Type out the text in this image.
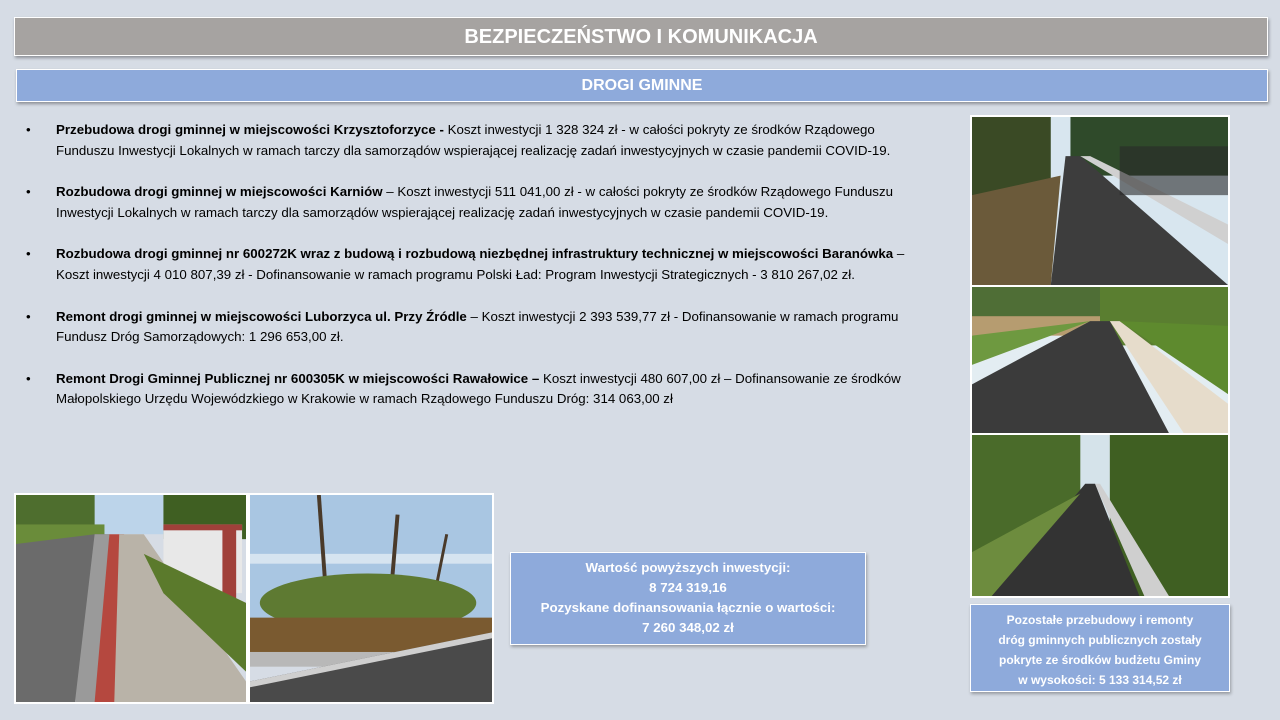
BEZPIECZEŃSTWO I KOMUNIKACJA
DROGI GMINNE
• Przebudowa drogi gminnej w miejscowości Krzysztoforzyce - Koszt inwestycji 1 328 324 zł - w całości pokryty ze środków Rządowego Funduszu Inwestycji Lokalnych w ramach tarczy dla samorządów wspierającej realizację zadań inwestycyjnych w czasie pandemii COVID-19.
• Rozbudowa drogi gminnej w miejscowości Karniów – Koszt inwestycji 511 041,00 zł - w całości pokryty ze środków Rządowego Funduszu Inwestycji Lokalnych w ramach tarczy dla samorządów wspierającej realizację zadań inwestycyjnych w czasie pandemii COVID-19.
• Rozbudowa drogi gminnej nr 600272K wraz z budową i rozbudową niezbędnej infrastruktury technicznej w miejscowości Baranówka – Koszt inwestycji 4 010 807,39 zł - Dofinansowanie w ramach programu Polski Ład: Program Inwestycji Strategicznych - 3 810 267,02 zł.
• Remont drogi gminnej w miejscowości Luborzyca ul. Przy Źródle – Koszt inwestycji 2 393 539,77 zł - Dofinansowanie w ramach programu Fundusz Dróg Samorządowych: 1 296 653,00 zł.
• Remont Drogi Gminnej Publicznej nr 600305K w miejscowości Rawałowice – Koszt inwestycji 480 607,00 zł – Dofinansowanie ze środków Małopolskiego Urzędu Wojewódzkiego w Krakowie w ramach Rządowego Funduszu Dróg: 314 063,00 zł
Wartość powyższych inwestycji:
8 724 319,16
Pozyskane dofinansowania łącznie o wartości:
7 260 348,02 zł	Pozostałe przebudowy i remonty
dróg gminnych publicznych zostały
pokryte ze środków budżetu Gminy
w wysokości: 5 133 314,52 zł
